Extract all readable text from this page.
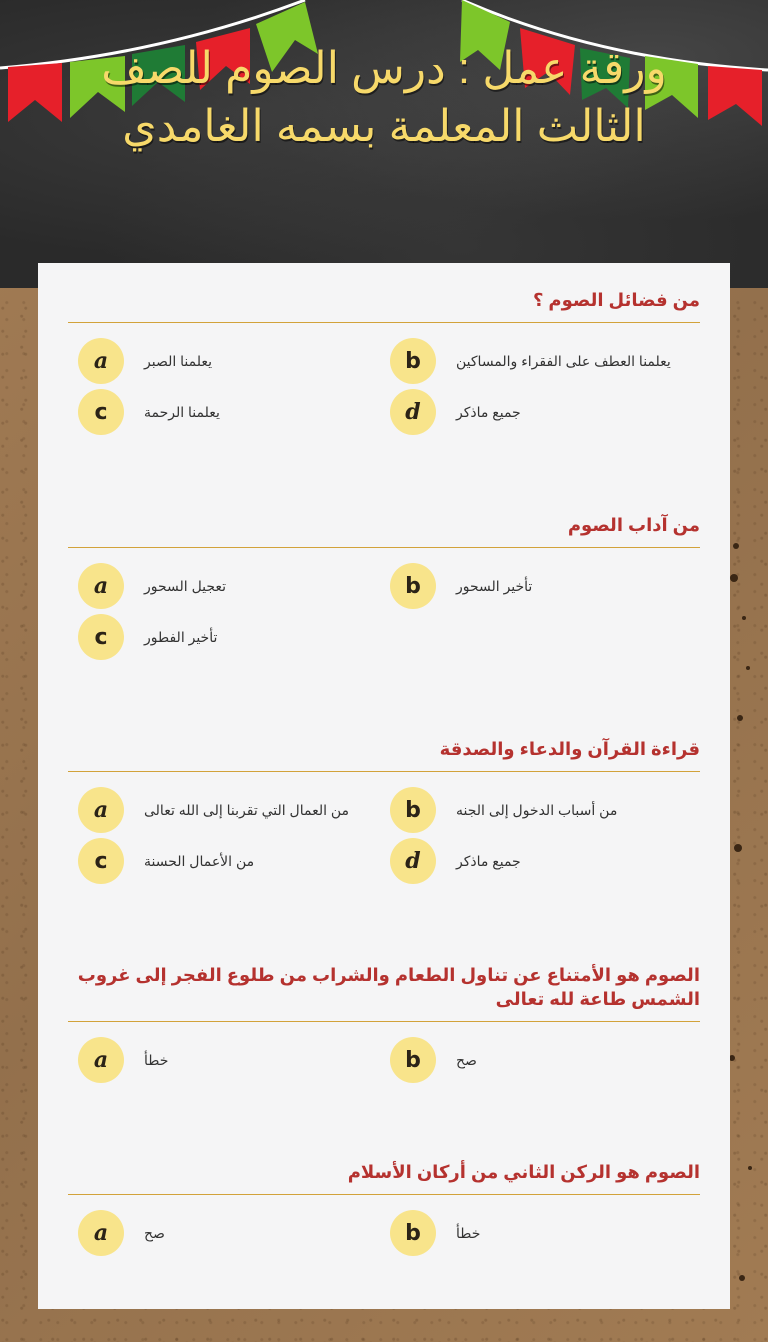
ورقة عمل : درس الصوم للصف الثالث المعلمة بسمه الغامدي
من فضائل الصوم ؟
a	يعلمنا الصبر	b	يعلمنا العطف على الفقراء والمساكين
c	يعلمنا الرحمة	d	جميع ماذكر
من آداب الصوم
a	تعجيل السحور	b	تأخير السحور
c	تأخير الفطور
قراءة القرآن والدعاء والصدقة
a	من العمال التي تقربنا إلى الله تعالى	b	من أسباب الدخول إلى الجنه
c	من الأعمال الحسنة	d	جميع ماذكر
الصوم هو الأمتناع عن تناول الطعام والشراب من طلوع الفجر إلى غروب الشمس طاعة لله تعالى
a	خطأ	b	صح
الصوم هو الركن الثاني من أركان الأسلام
a	صح	b	خطأ
